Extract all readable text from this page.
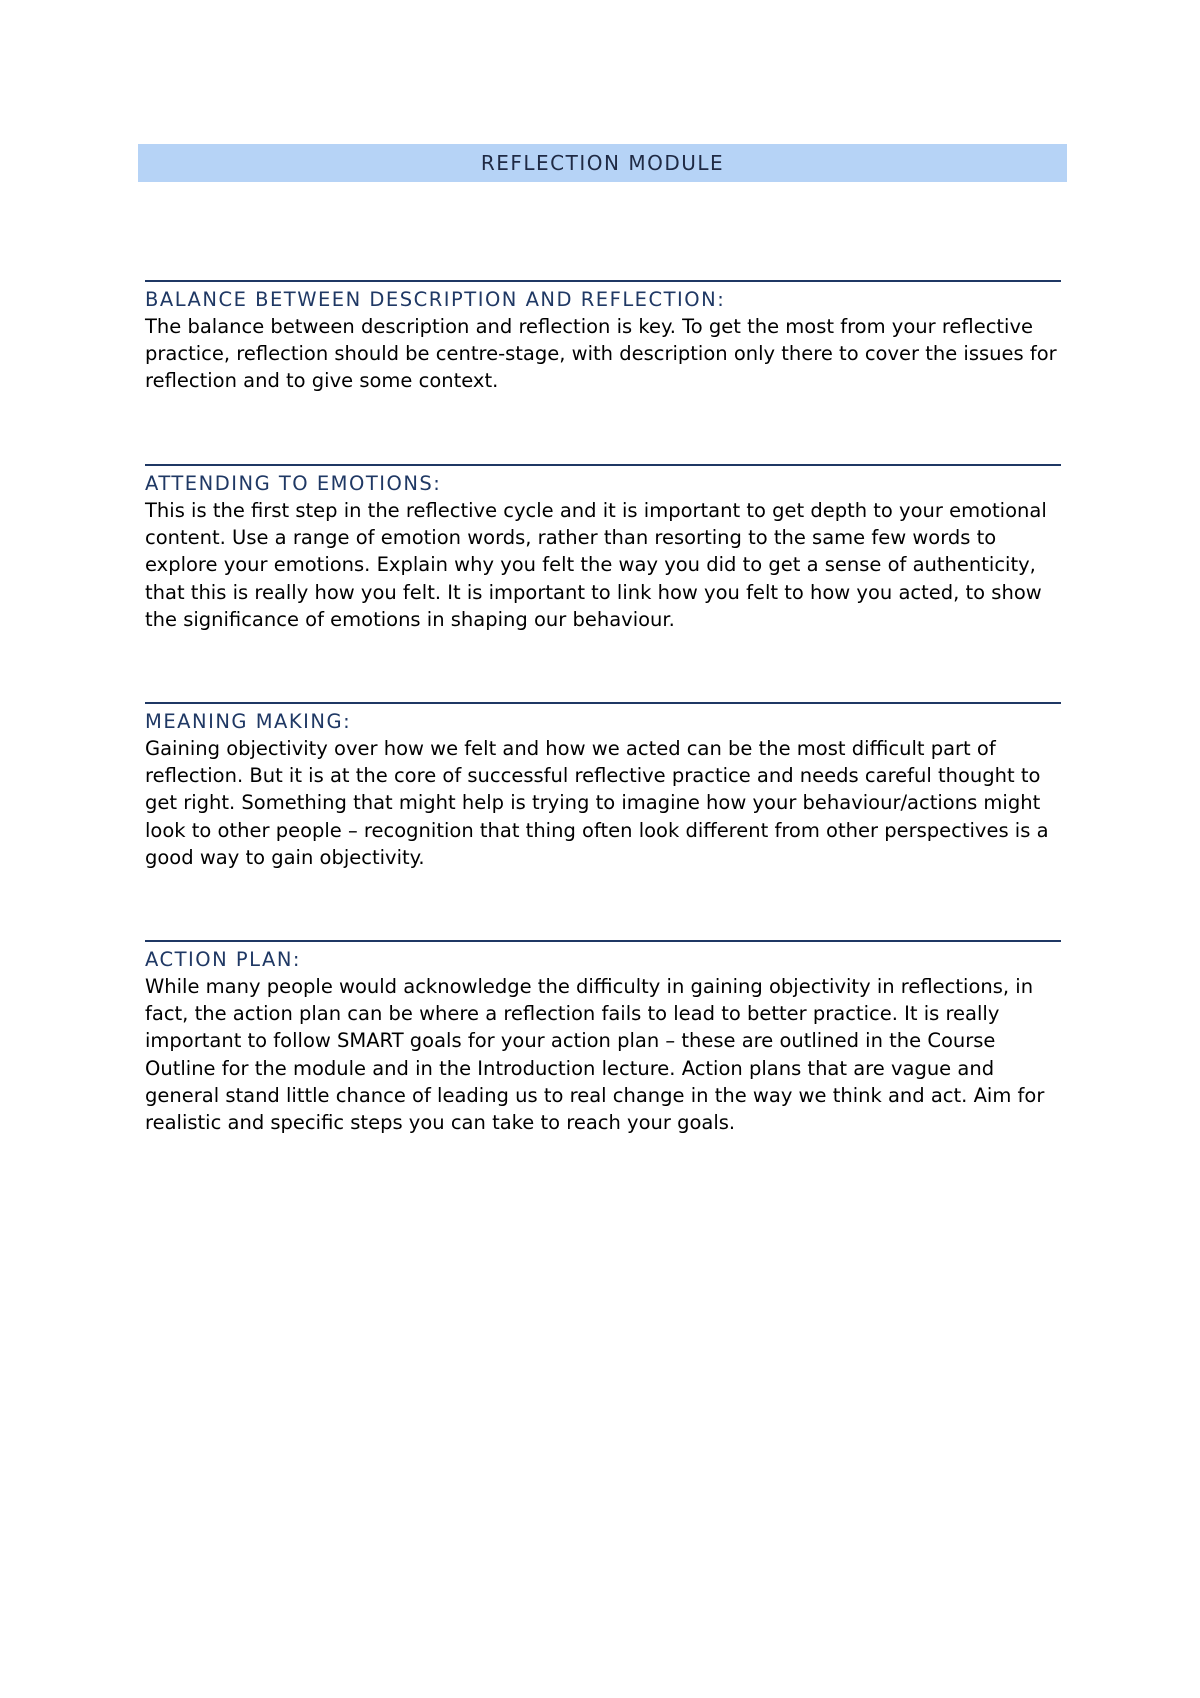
REFLECTION MODULE
BALANCE BETWEEN DESCRIPTION AND REFLECTION:

The balance between description and reflection is key. To get the most from your reflective practice, reflection should be centre-stage, with description only there to cover the issues for reflection and to give some context.

ATTENDING TO EMOTIONS:

This is the first step in the reflective cycle and it is important to get depth to your emotional content. Use a range of emotion words, rather than resorting to the same few words to explore your emotions. Explain why you felt the way you did to get a sense of authenticity, that this is really how you felt. It is important to link how you felt to how you acted, to show the significance of emotions in shaping our behaviour.

MEANING MAKING:

Gaining objectivity over how we felt and how we acted can be the most difficult part of reflection. But it is at the core of successful reflective practice and needs careful thought to get right. Something that might help is trying to imagine how your behaviour/actions might look to other people – recognition that thing often look different from other perspectives is a good way to gain objectivity.

ACTION PLAN:

While many people would acknowledge the difficulty in gaining objectivity in reflections, in fact, the action plan can be where a reflection fails to lead to better practice. It is really important to follow SMART goals for your action plan – these are outlined in the Course Outline for the module and in the Introduction lecture. Action plans that are vague and general stand little chance of leading us to real change in the way we think and act. Aim for realistic and specific steps you can take to reach your goals.
